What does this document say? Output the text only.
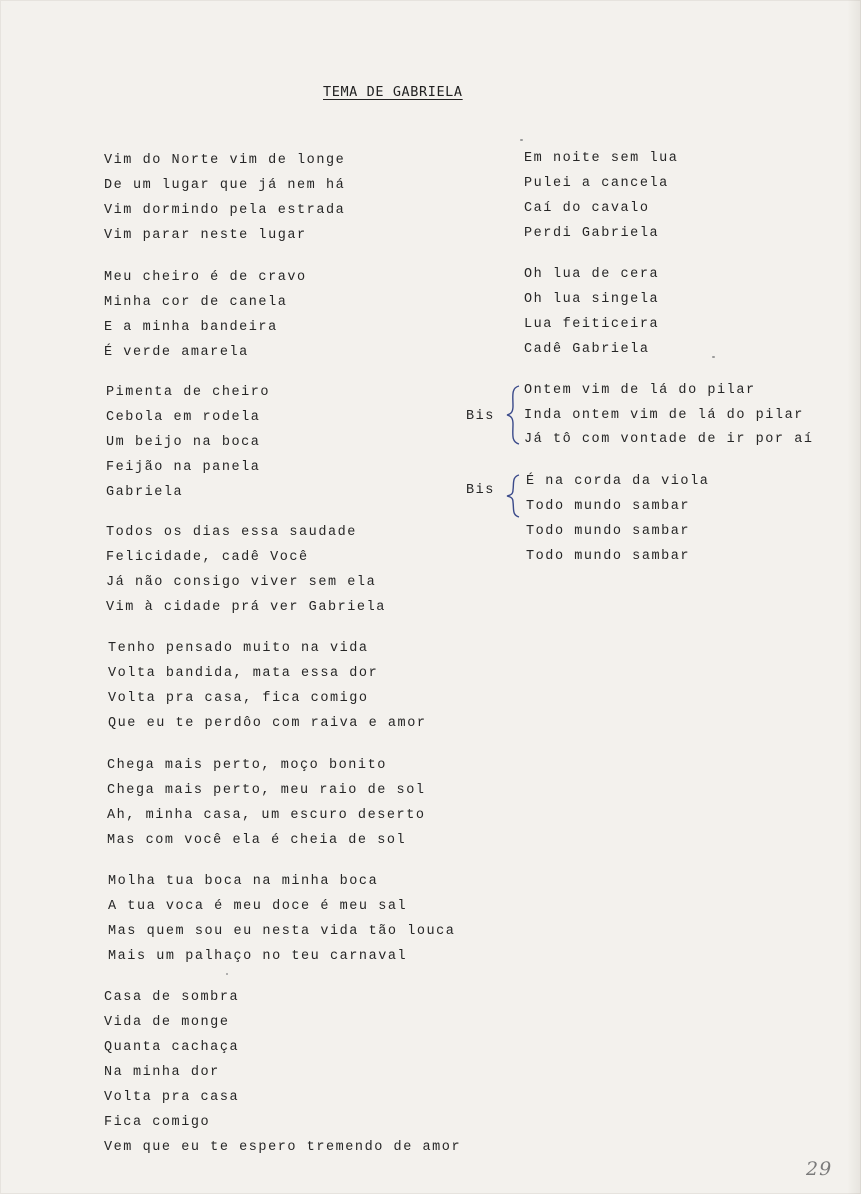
TEMA DE GABRIELA
Vim do Norte vim de longe
De um lugar que já nem há
Vim dormindo pela estrada
Vim parar neste lugar
Meu cheiro é de cravo
Minha cor de canela
E a minha bandeira
É verde amarela
Pimenta de cheiro
Cebola em rodela
Um beijo na boca
Feijão na panela
Gabriela
Todos os dias essa saudade
Felicidade, cadê Você
Já não consigo viver sem ela
Vim à cidade prá ver Gabriela
Tenho pensado muito na vida
Volta bandida, mata essa dor
Volta pra casa, fica comigo
Que eu te perdôo com raiva e amor
Chega mais perto, moço bonito
Chega mais perto, meu raio de sol
Ah, minha casa, um escuro deserto
Mas com você ela é cheia de sol
Molha tua boca na minha boca
A tua voca é meu doce é meu sal
Mas quem sou eu nesta vida tão louca
Mais um palhaço no teu carnaval
Casa de sombra
Vida de monge
Quanta cachaça
Na minha dor
Volta pra casa
Fica comigo
Vem que eu te espero tremendo de amor
Em noite sem lua
Pulei a cancela
Caí do cavalo
Perdi Gabriela
Oh lua de cera
Oh lua singela
Lua feiticeira
Cadê Gabriela
Ontem vim de lá do pilar
Inda ontem vim de lá do pilar
Já tô com vontade de ir por aí
É na corda da viola
Todo mundo sambar
Todo mundo sambar
Todo mundo sambar
Bis
Bis
29
